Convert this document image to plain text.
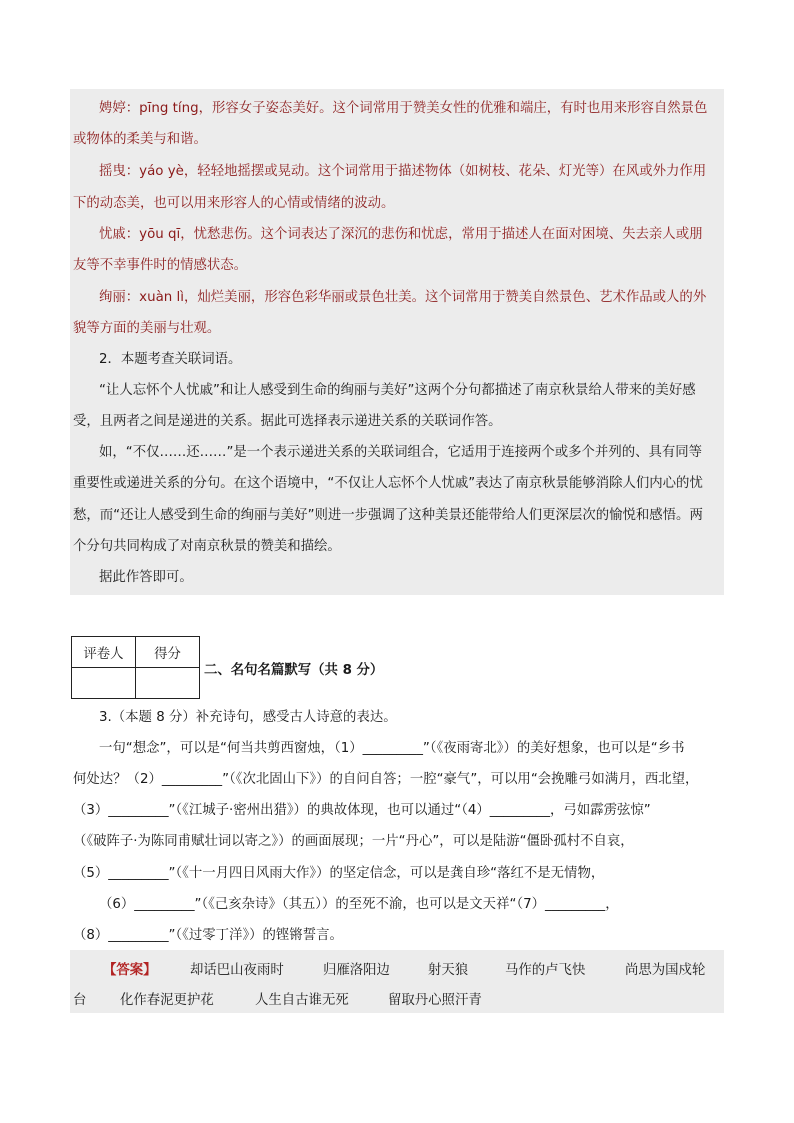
娉婷：pīng tíng，形容女子姿态美好。这个词常用于赞美女性的优雅和端庄，有时也用来形容自然景色

或物体的柔美与和谐。

摇曳：yáo yè，轻轻地摇摆或晃动。这个词常用于描述物体（如树枝、花朵、灯光等）在风或外力作用

下的动态美，也可以用来形容人的心情或情绪的波动。

忧戚：yōu qī，忧愁悲伤。这个词表达了深沉的悲伤和忧虑，常用于描述人在面对困境、失去亲人或朋

友等不幸事件时的情感状态。

绚丽：xuàn lì，灿烂美丽，形容色彩华丽或景色壮美。这个词常用于赞美自然景色、艺术作品或人的外

貌等方面的美丽与壮观。

2．本题考查关联词语。

“让人忘怀个人忧戚”和让人感受到生命的绚丽与美好”这两个分句都描述了南京秋景给人带来的美好感

受，且两者之间是递进的关系。据此可选择表示递进关系的关联词作答。

如，“不仅……还……”是一个表示递进关系的关联词组合，它适用于连接两个或多个并列的、具有同等

重要性或递进关系的分句。在这个语境中，“不仅让人忘怀个人忧戚”表达了南京秋景能够消除人们内心的忧

愁，而“还让人感受到生命的绚丽与美好”则进一步强调了这种美景还能带给人们更深层次的愉悦和感悟。两

个分句共同构成了对南京秋景的赞美和描绘。

据此作答即可。

评卷人	得分

二、名句名篇默写（共 8 分）

3.（本题 8 分）补充诗句，感受古人诗意的表达。

一句“想念”，可以是“何当共剪西窗烛，（1）_________”（《夜雨寄北》）的美好想象，也可以是“乡书

何处达？（2）_________”（《次北固山下》）的自问自答；一腔“豪气”，可以用“会挽雕弓如满月，西北望，

（3）_________”（《江城子·密州出猎》）的典故体现，也可以通过“（4）_________，弓如霹雳弦惊”

（《破阵子·为陈同甫赋壮词以寄之》）的画面展现；一片“丹心”，可以是陆游“僵卧孤村不自哀，

（5）_________”（《十一月四日风雨大作》）的坚定信念，可以是龚自珍“落红不是无情物，

（6）_________”（《己亥杂诗》（其五））的至死不渝，也可以是文天祥“（7）_________，

（8）_________”（《过零丁洋》）的铿锵誓言。

【答案】 却话巴山夜雨时	归雁洛阳边	射天狼	马作的卢飞快	尚思为国戍轮
台	化作春泥更护花	人生自古谁无死	留取丹心照汗青
